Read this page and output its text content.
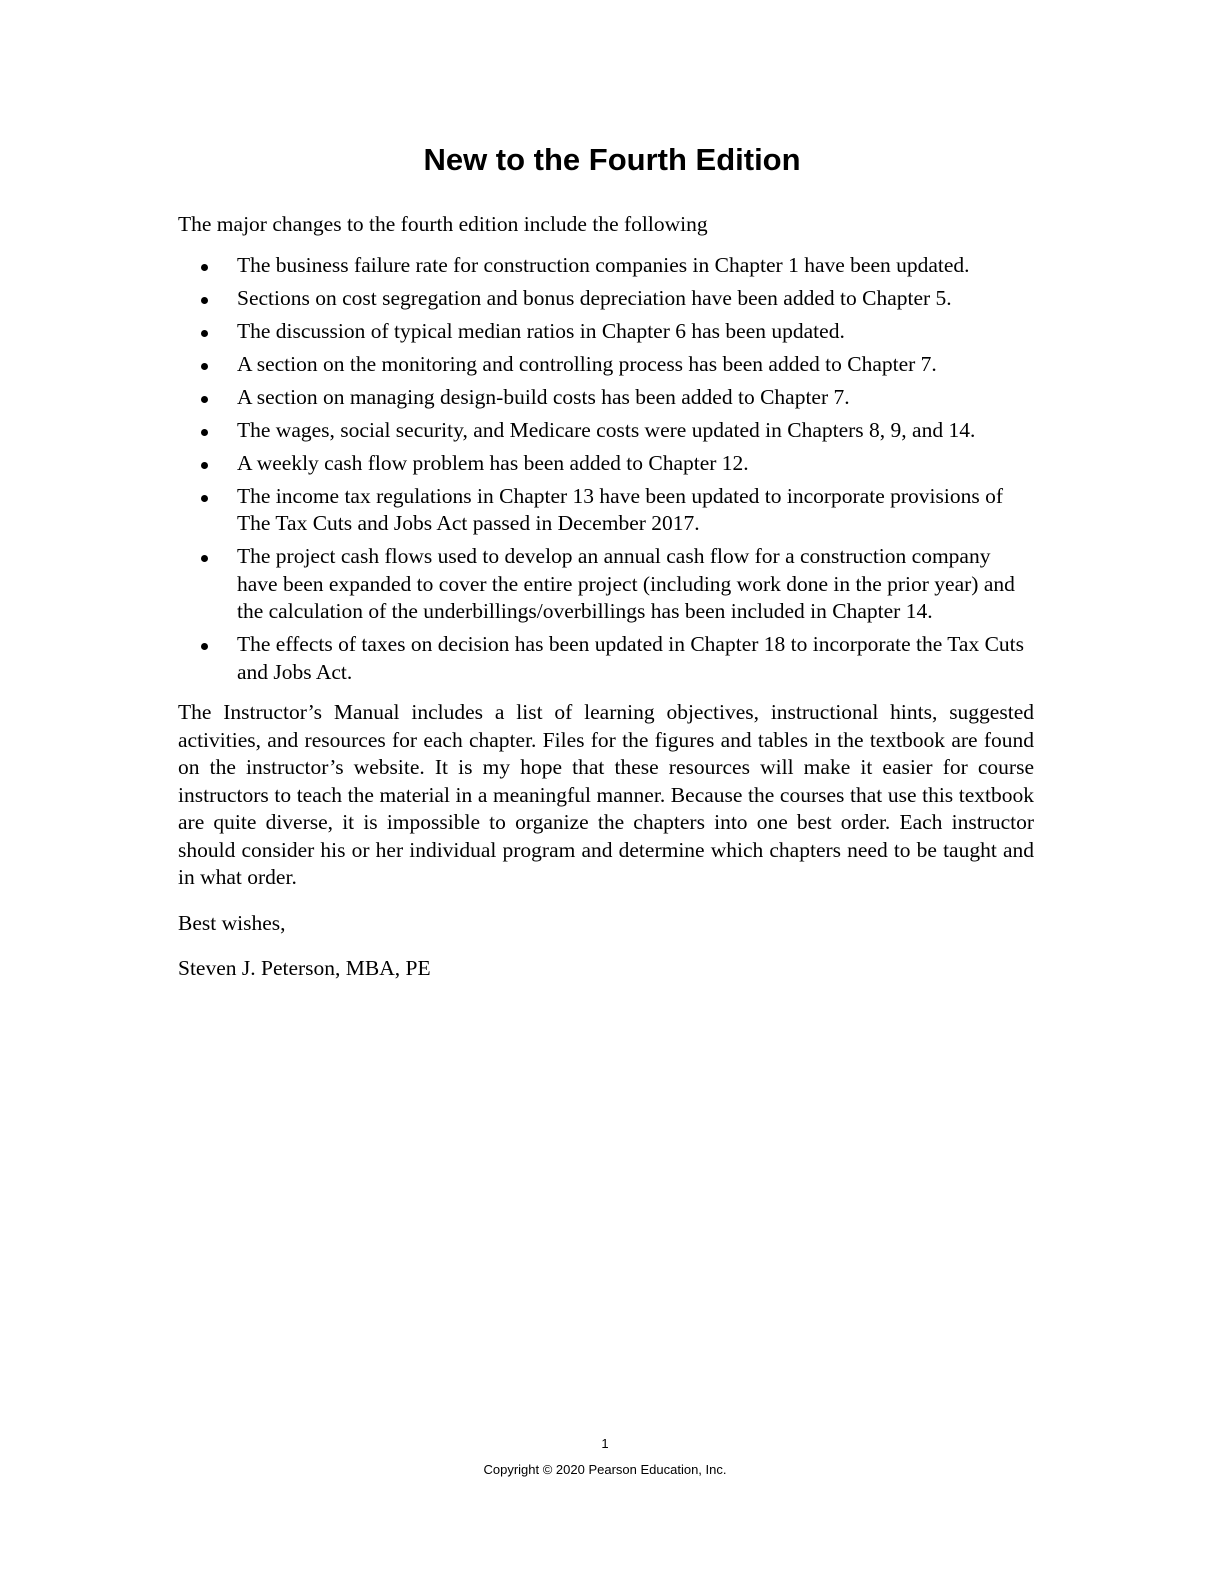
New to the Fourth Edition

The major changes to the fourth edition include the following

The business failure rate for construction companies in Chapter 1 have been updated.
Sections on cost segregation and bonus depreciation have been added to Chapter 5.
The discussion of typical median ratios in Chapter 6 has been updated.
A section on the monitoring and controlling process has been added to Chapter 7.
A section on managing design-build costs has been added to Chapter 7.
The wages, social security, and Medicare costs were updated in Chapters 8, 9, and 14.
A weekly cash flow problem has been added to Chapter 12.
The income tax regulations in Chapter 13 have been updated to incorporate provisions of The Tax Cuts and Jobs Act passed in December 2017.
The project cash flows used to develop an annual cash flow for a construction company have been expanded to cover the entire project (including work done in the prior year) and the calculation of the underbillings/overbillings has been included in Chapter 14.
The effects of taxes on decision has been updated in Chapter 18 to incorporate the Tax Cuts and Jobs Act.

The Instructor’s Manual includes a list of learning objectives, instructional hints, suggested activities, and resources for each chapter. Files for the figures and tables in the textbook are found on the instructor’s website. It is my hope that these resources will make it easier for course instructors to teach the material in a meaningful manner. Because the courses that use this textbook are quite diverse, it is impossible to organize the chapters into one best order. Each instructor should consider his or her individual program and determine which chapters need to be taught and in what order.

Best wishes,

Steven J. Peterson, MBA, PE

1
Copyright © 2020 Pearson Education, Inc.
